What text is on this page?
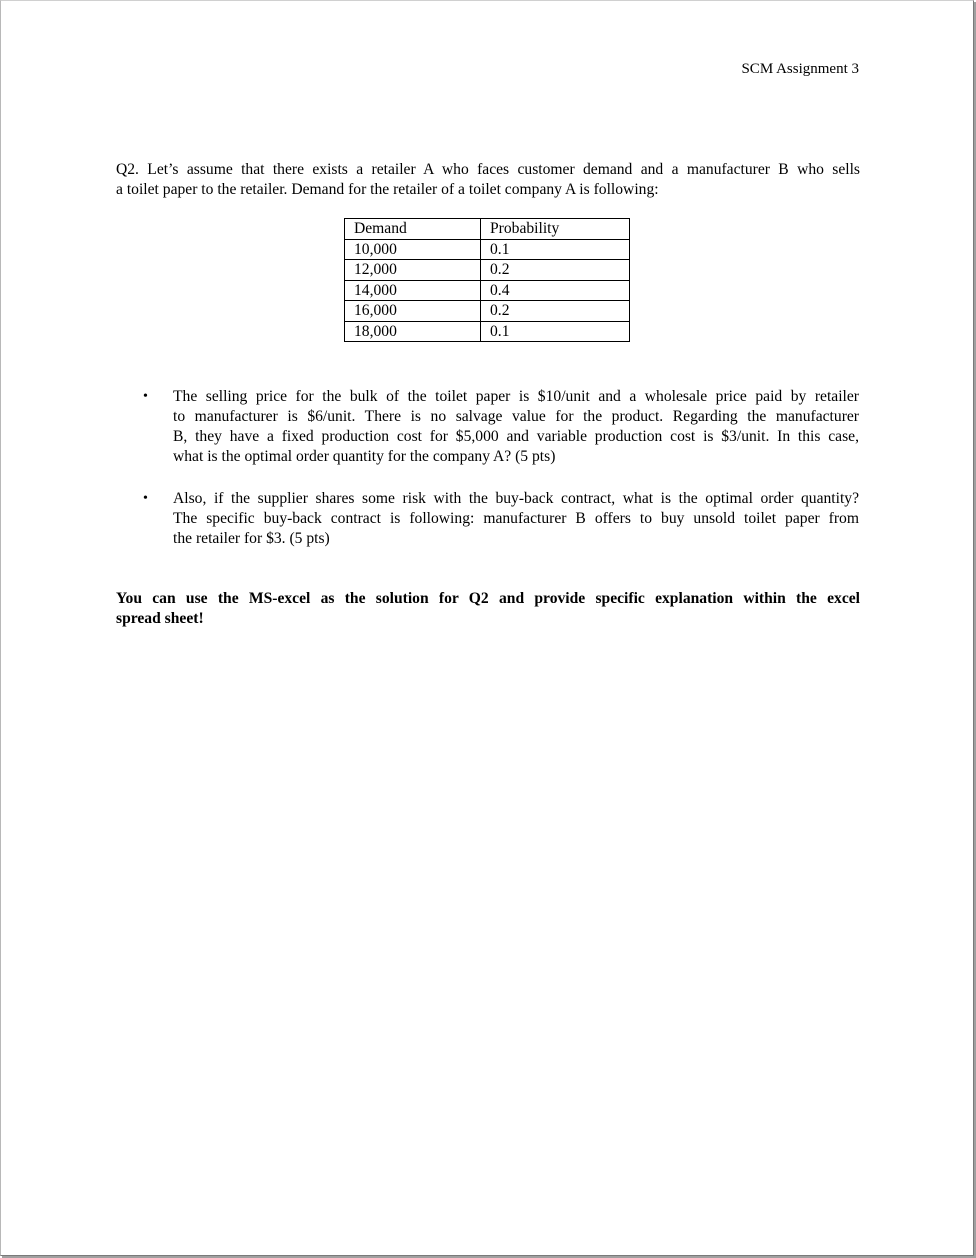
SCM Assignment 3
Q2. Let’s assume that there exists a retailer A who faces customer demand and a manufacturer B who sells
a toilet paper to the retailer. Demand for the retailer of a toilet company A is following:
Demand	Probability
10,000	0.1
12,000	0.2
14,000	0.4
16,000	0.2
18,000	0.1
• The selling price for the bulk of the toilet paper is $10/unit and a wholesale price paid by retailer
to manufacturer is $6/unit. There is no salvage value for the product. Regarding the manufacturer
B, they have a fixed production cost for $5,000 and variable production cost is $3/unit. In this case,
what is the optimal order quantity for the company A? (5 pts)
• Also, if the supplier shares some risk with the buy-back contract, what is the optimal order quantity?
The specific buy-back contract is following: manufacturer B offers to buy unsold toilet paper from
the retailer for $3. (5 pts)
You can use the MS-excel as the solution for Q2 and provide specific explanation within the excel
spread sheet!
